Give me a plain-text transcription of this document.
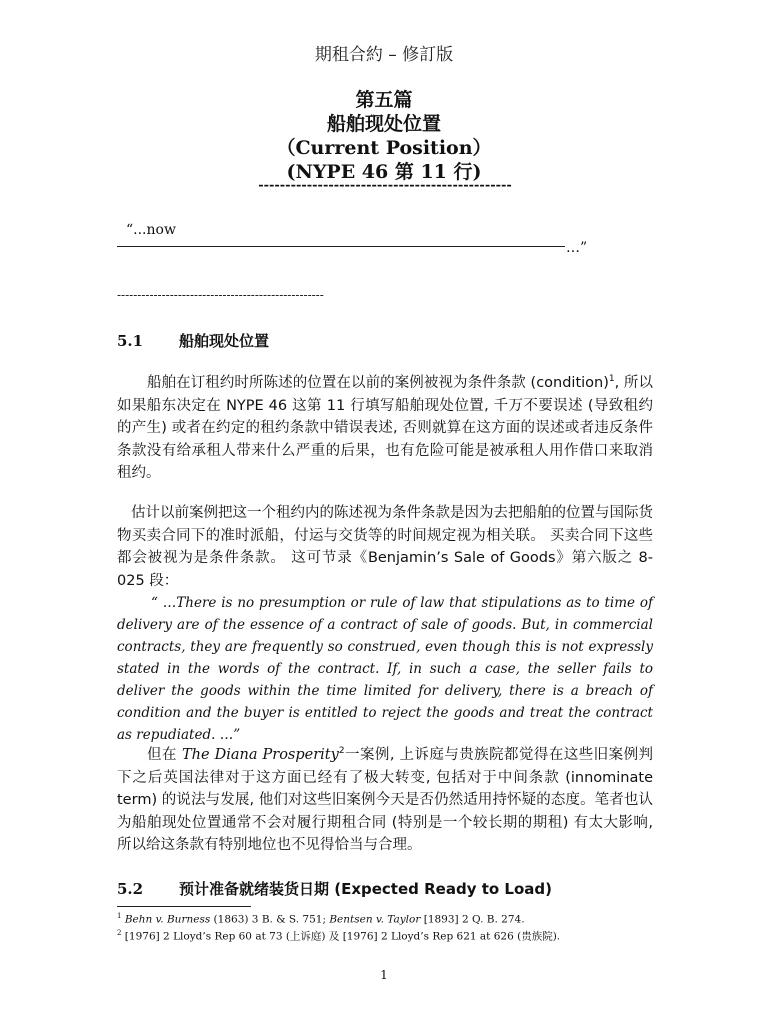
期租合約 – 修訂版
第五篇
船舶现处位置
（Current Position）
(NYPE 46 第 11 行)
-----------------------------------------------
“...now
…”
---------------------------------------------------
5.1 船舶现处位置
船舶在订租约时所陈述的位置在以前的案例被视为条件条款 (condition)$^1$, 所以如果船东决定在 NYPE 46 这第 11 行填写船舶现处位置, 千万不要误述 (导致租约的产生) 或者在约定的租约条款中错误表述, 否则就算在这方面的误述或者违反条件条款没有给承租人带来什么严重的后果，也有危险可能是被承租人用作借口来取消租约。
估计以前案例把这一个租约内的陈述视为条件条款是因为去把船舶的位置与国际货物买卖合同下的准时派船，付运与交货等的时间规定视为相关联。 买卖合同下这些都会被视为是条件条款。 这可节录《Benjamin’s Sale of Goods》第六版之 8-025 段：
“ …There is no presumption or rule of law that stipulations as to time of delivery are of the essence of a contract of sale of goods. But, in commercial contracts, they are frequently so construed, even though this is not expressly stated in the words of the contract. If, in such a case, the seller fails to deliver the goods within the time limited for delivery, there is a breach of condition and the buyer is entitled to reject the goods and treat the contract as repudiated. …”
但在 The Diana Prosperity$^2$一案例, 上诉庭与贵族院都觉得在这些旧案例判下之后英国法律对于这方面已经有了极大转变, 包括对于中间条款 (innominate term) 的说法与发展, 他们对这些旧案例今天是否仍然适用持怀疑的态度。笔者也认为船舶现处位置通常不会对履行期租合同 (特别是一个较长期的期租) 有太大影响, 所以给这条款有特别地位也不见得恰当与合理。
5.2 预计准备就绪装货日期 (Expected Ready to Load)
$^1$ Behn v. Burness (1863) 3 B. & S. 751; Bentsen v. Taylor [1893] 2 Q. B. 274.
$^2$ [1976] 2 Lloyd’s Rep 60 at 73 (上诉庭) 及 [1976] 2 Lloyd’s Rep 621 at 626 (贵族院).
1
